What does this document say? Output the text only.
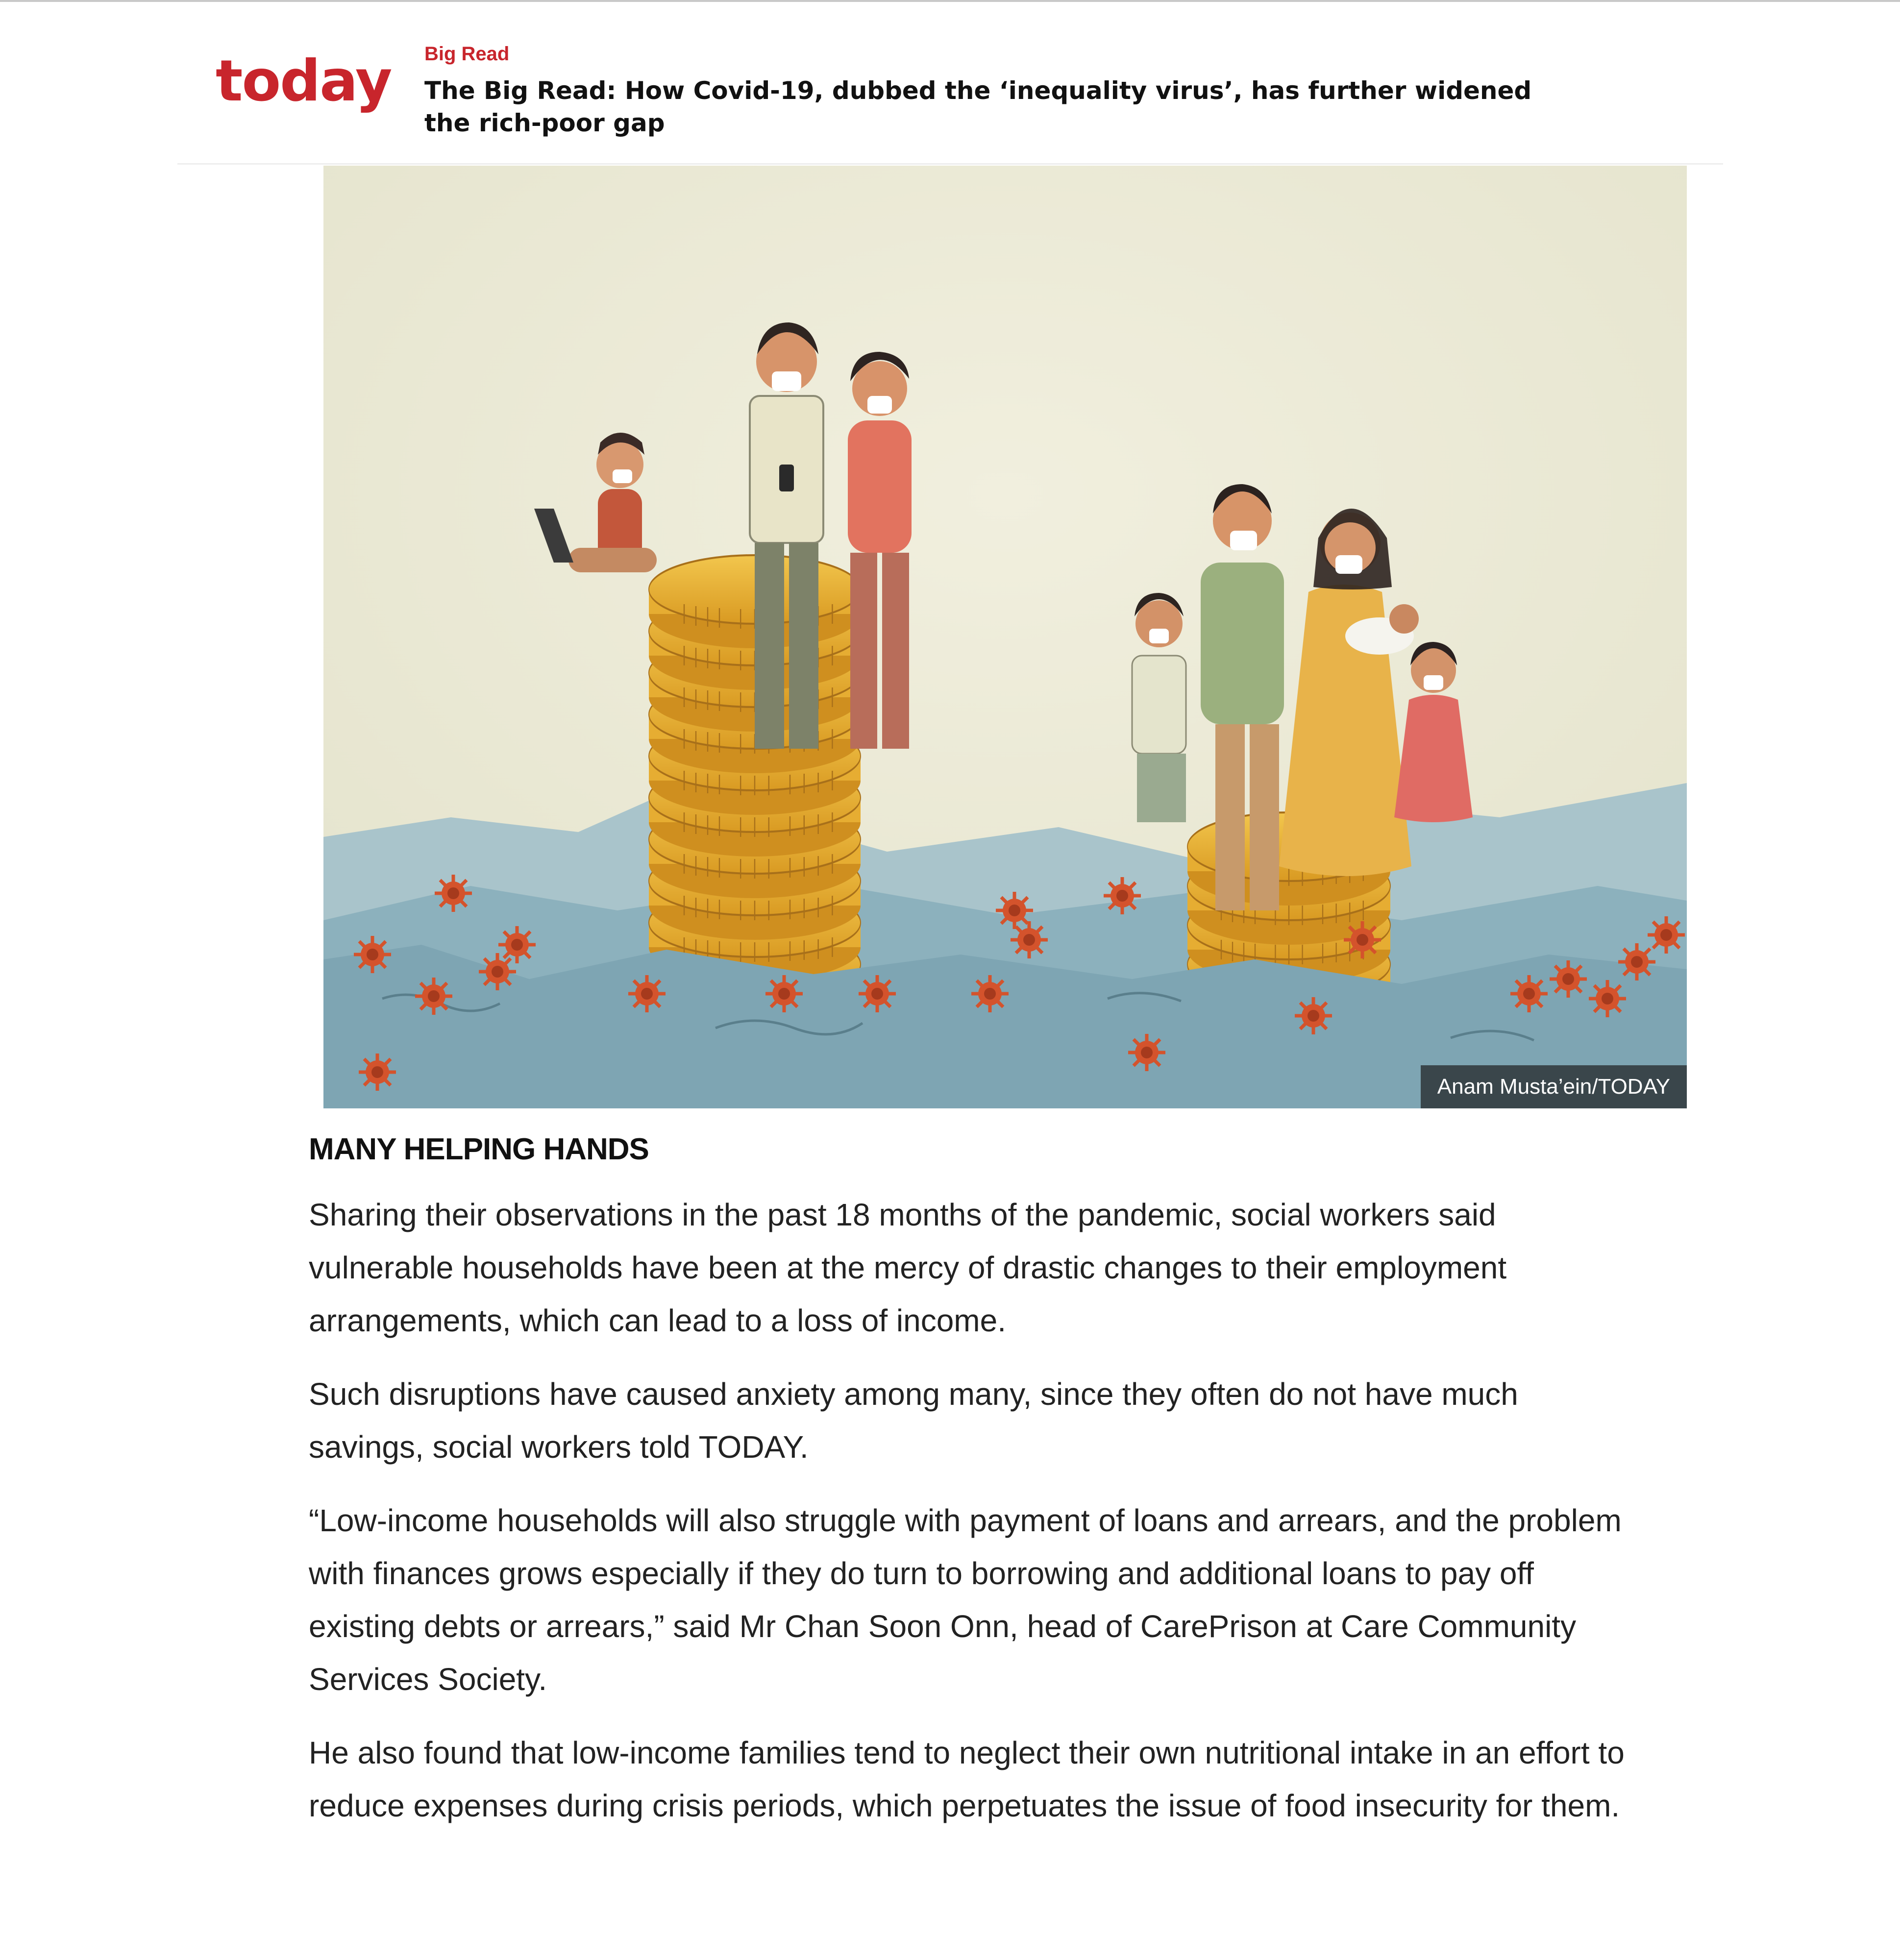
today Big Read
The Big Read: How Covid-19, dubbed the ‘inequality virus’, has further widened the rich-poor gap
Anam Musta’ein/TODAY
MANY HELPING HANDS

Sharing their observations in the past 18 months of the pandemic, social workers said vulnerable households have been at the mercy of drastic changes to their employment arrangements, which can lead to a loss of income.

Such disruptions have caused anxiety among many, since they often do not have much savings, social workers told TODAY.

“Low-income households will also struggle with payment of loans and arrears, and the problem with finances grows especially if they do turn to borrowing and additional loans to pay off existing debts or arrears,” said Mr Chan Soon Onn, head of CarePrison at Care Community Services Society.

He also found that low-income families tend to neglect their own nutritional intake in an effort to reduce expenses during crisis periods, which perpetuates the issue of food insecurity for them.
